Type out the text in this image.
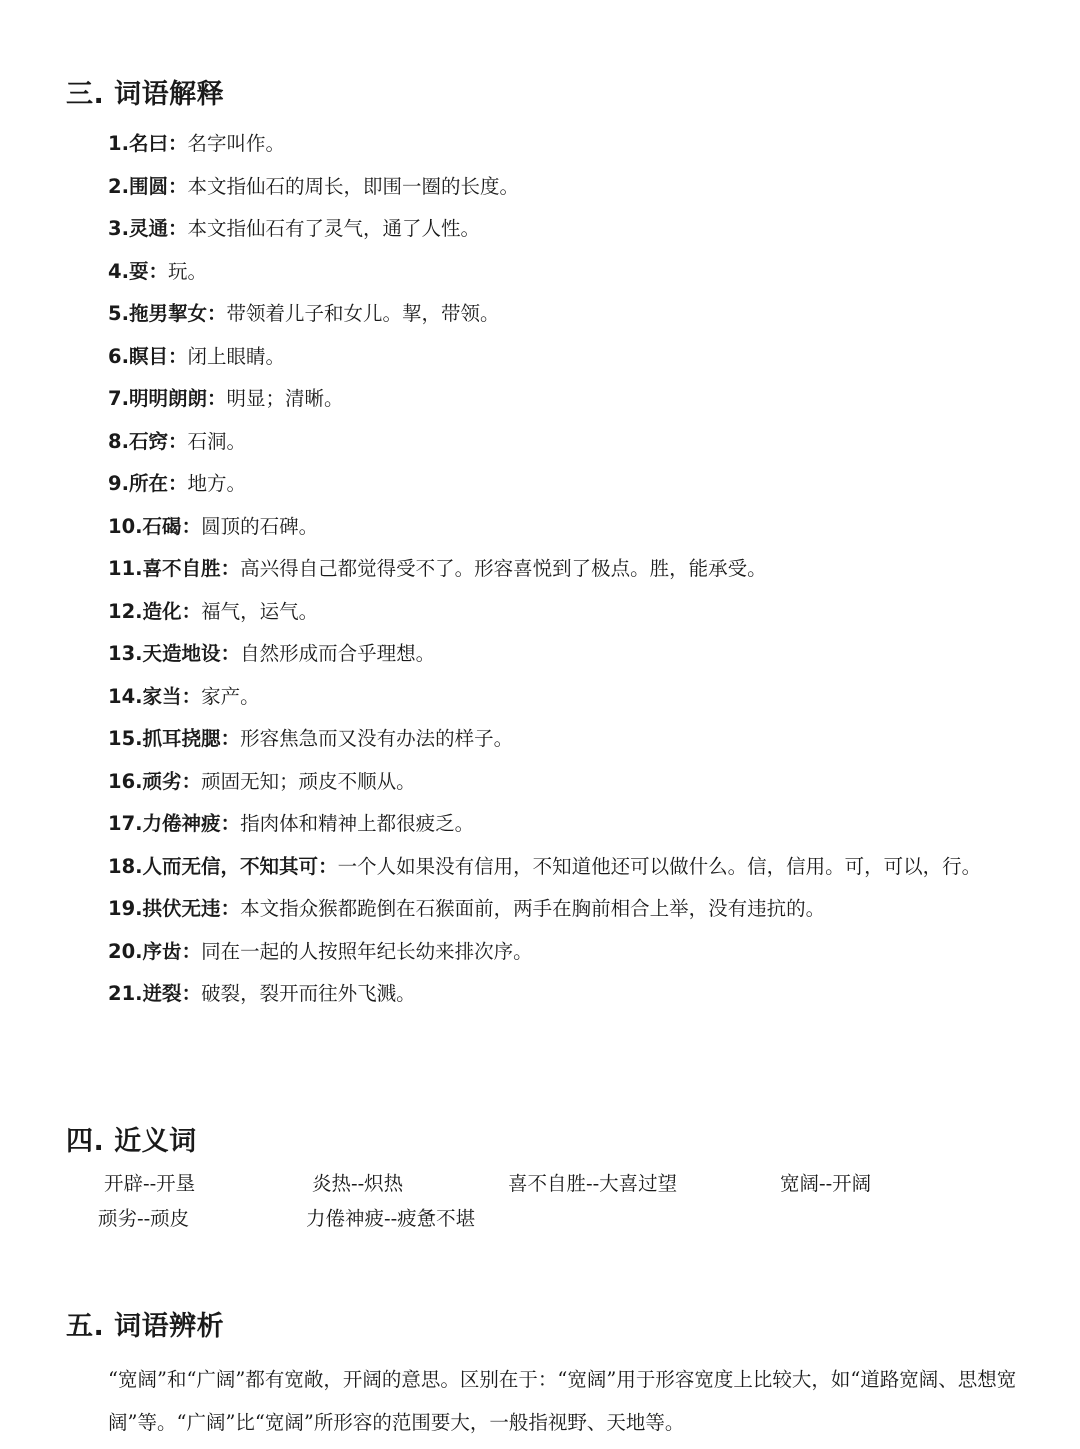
三. 词语解释
1.名曰：名字叫作。
2.围圆：本文指仙石的周长，即围一圈的长度。
3.灵通：本文指仙石有了灵气，通了人性。
4.耍：玩。
5.拖男挈女：带领着儿子和女儿。挈，带领。
6.瞑目：闭上眼睛。
7.明明朗朗：明显；清晰。
8.石窍：石洞。
9.所在：地方。
10.石碣：圆顶的石碑。
11.喜不自胜：高兴得自己都觉得受不了。形容喜悦到了极点。胜，能承受。
12.造化：福气，运气。
13.天造地设：自然形成而合乎理想。
14.家当：家产。
15.抓耳挠腮：形容焦急而又没有办法的样子。
16.顽劣：顽固无知；顽皮不顺从。
17.力倦神疲：指肉体和精神上都很疲乏。
18.人而无信，不知其可：一个人如果没有信用，不知道他还可以做什么。信，信用。可，可以，行。
19.拱伏无违：本文指众猴都跪倒在石猴面前，两手在胸前相合上举，没有违抗的。
20.序齿：同在一起的人按照年纪长幼来排次序。
21.迸裂：破裂，裂开而往外飞溅。
四. 近义词
开辟--开垦	炎热--炽热	喜不自胜--大喜过望	宽阔--开阔
顽劣--顽皮	力倦神疲--疲惫不堪
五. 词语辨析

“宽阔”和“广阔”都有宽敞，开阔的意思。区别在于：“宽阔”用于形容宽度上比较大，如“道路宽阔、思想宽阔”等。“广阔”比“宽阔”所形容的范围要大，一般指视野、天地等。
